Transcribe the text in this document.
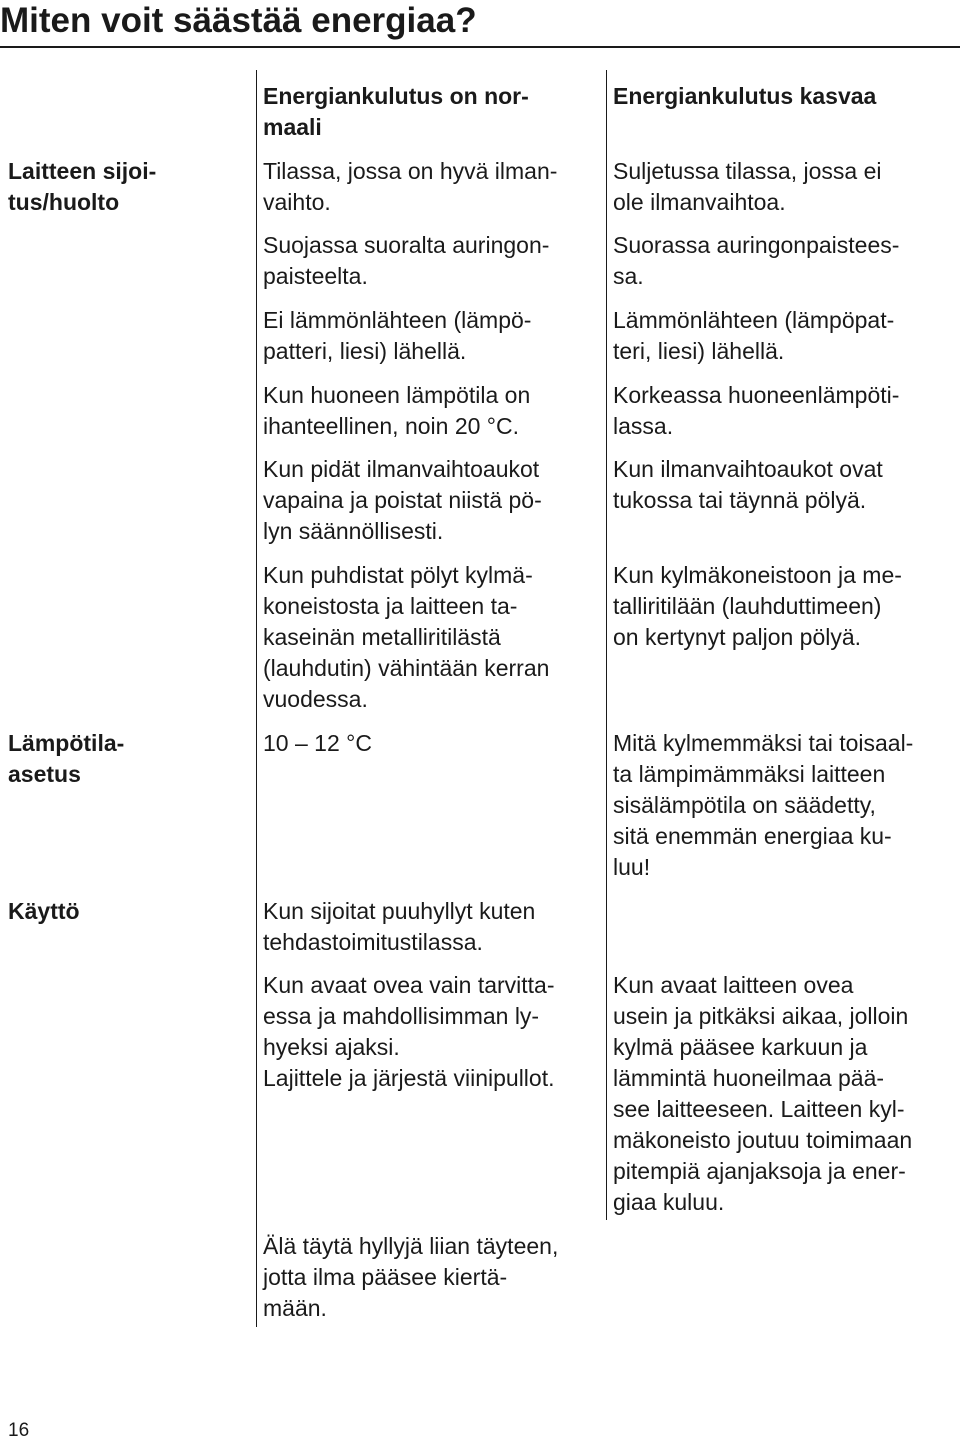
Miten voit säästää energiaa?
Energiankulutus on nor-
maali
Energiankulutus kasvaa
Laitteen sijoi-
tus/huolto
Lämpötila-
asetus
Käyttö
Tilassa, jossa on hyvä ilman-
vaihto.
Suojassa suoralta auringon-
paisteelta.
Ei lämmönlähteen (lämpö-
patteri, liesi) lähellä.
Kun huoneen lämpötila on
ihanteellinen, noin 20 °C.
Kun pidät ilmanvaihtoaukot
vapaina ja poistat niistä pö-
lyn säännöllisesti.
Kun puhdistat pölyt kylmä-
koneistosta ja laitteen ta-
kaseinän metalliritilästä
(lauhdutin) vähintään kerran
vuodessa.
Suljetussa tilassa, jossa ei
ole ilmanvaihtoa.
Suorassa auringonpaistees-
sa.
Lämmönlähteen (lämpöpat-
teri, liesi) lähellä.
Korkeassa huoneenlämpöti-
lassa.
Kun ilmanvaihtoaukot ovat
tukossa tai täynnä pölyä.
Kun kylmäkoneistoon ja me-
talliritilään (lauhduttimeen)
on kertynyt paljon pölyä.
10 – 12 °C	Mitä kylmemmäksi tai toisaal-
ta lämpimämmäksi laitteen
sisälämpötila on säädetty,
sitä enemmän energiaa ku-
luu!
Kun sijoitat puuhyllyt kuten
tehdastoimitustilassa.
Kun avaat ovea vain tarvitta-
essa ja mahdollisimman ly-
hyeksi ajaksi.
Lajittele ja järjestä viinipullot.
Älä täytä hyllyjä liian täyteen,
jotta ilma pääsee kiertä-
mään.
Kun avaat laitteen ovea
usein ja pitkäksi aikaa, jolloin
kylmä pääsee karkuun ja
lämmintä huoneilmaa pää-
see laitteeseen. Laitteen kyl-
mäkoneisto joutuu toimimaan
pitempiä ajanjaksoja ja ener-
giaa kuluu.
16
